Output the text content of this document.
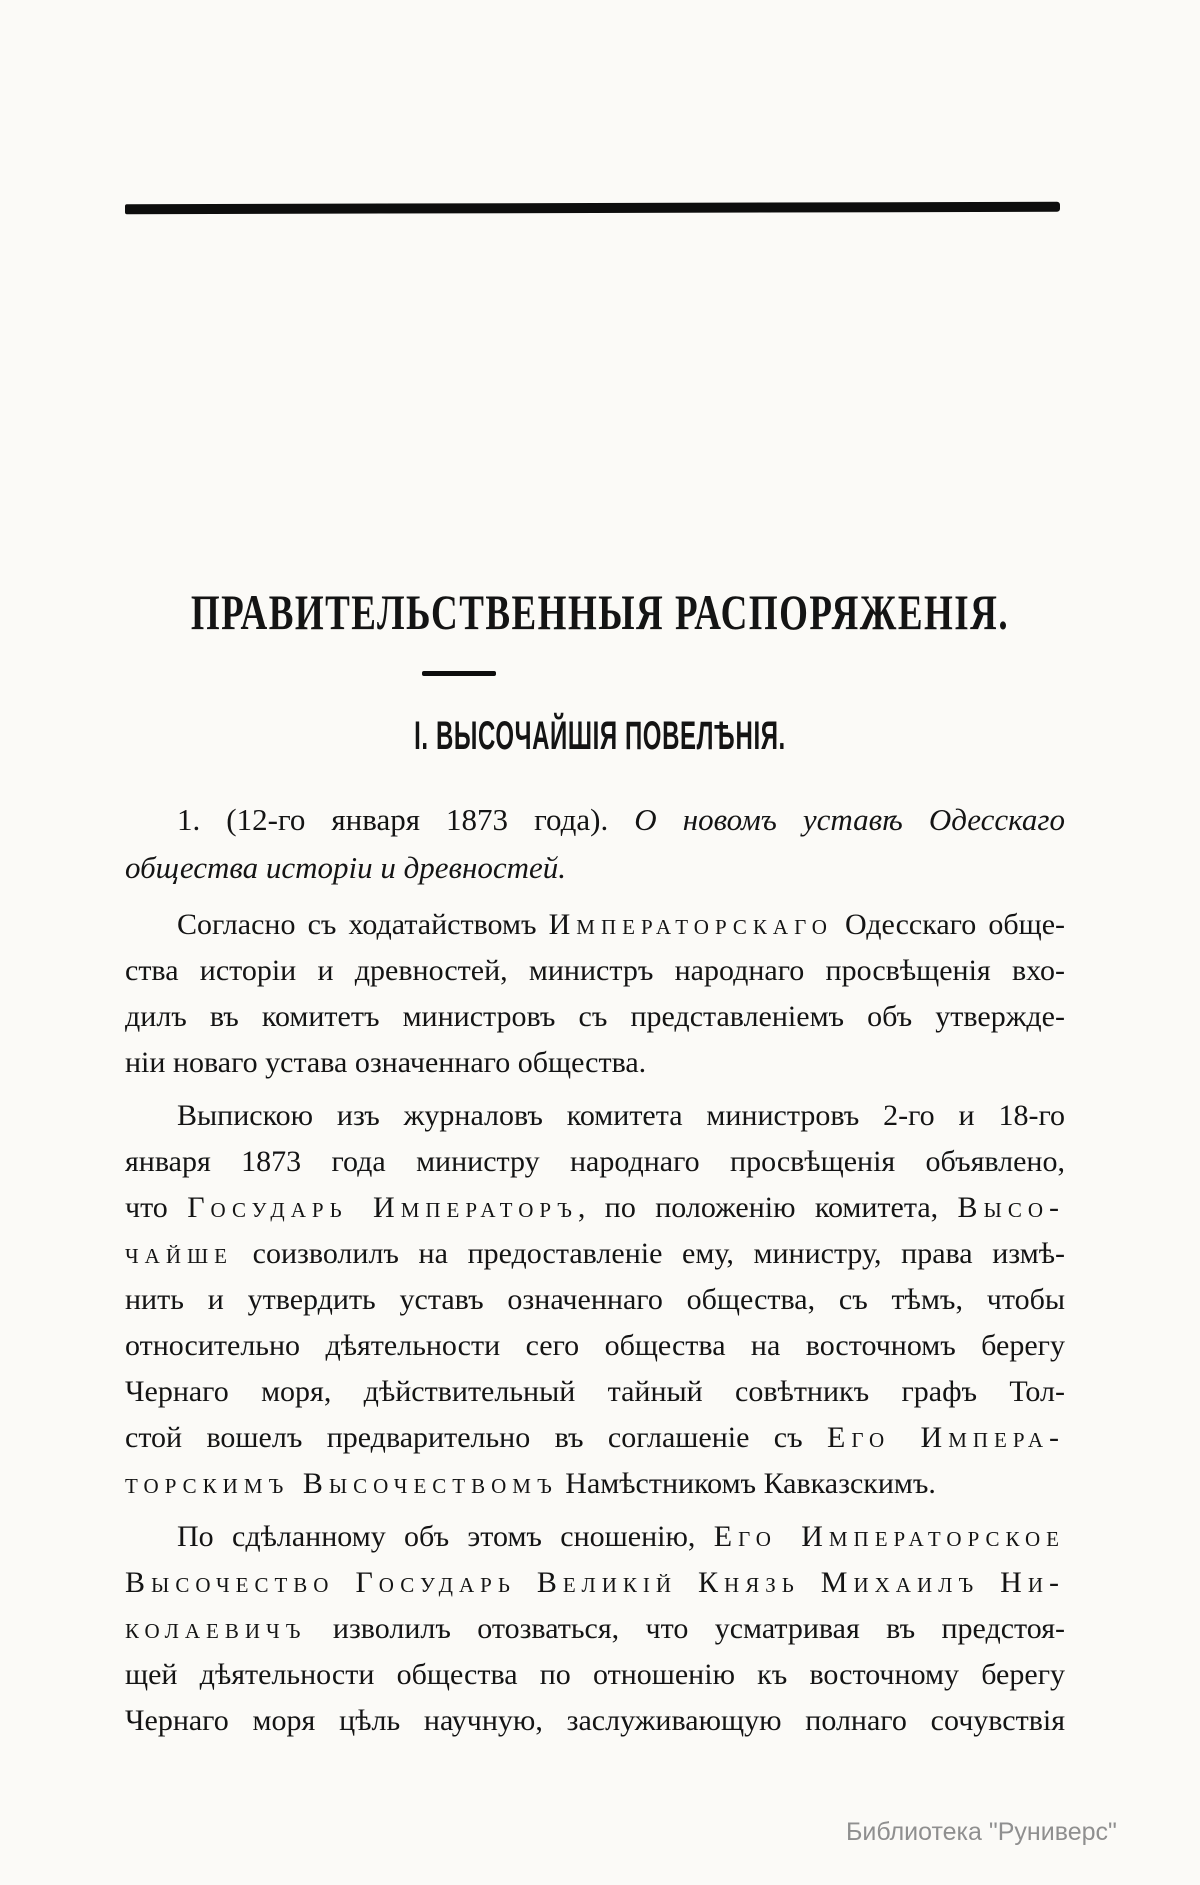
ПРАВИТЕЛЬСТВЕННЫЯ РАСПОРЯЖЕНІЯ.
І. ВЫСОЧАЙШІЯ ПОВЕЛѢНІЯ.
1. (12-го января 1873 года). О новомъ уставѣ Одесскаго
общества исторіи и древностей.
Согласно съ ходатайствомъ Императорскаго Одесскаго обще-
ства исторіи и древностей, министръ народнаго просвѣщенія вхо-
дилъ въ комитетъ министровъ съ представленіемъ объ утвержде-
ніи новаго устава означеннаго общества.
Выпискою изъ журналовъ комитета министровъ 2-го и 18-го
января 1873 года министру народнаго просвѣщенія объявлено,
что Государь Императоръ, по положенію комитета, Высо-
чайше соизволилъ на предоставленіе ему, министру, права измѣ-
нить и утвердить уставъ означеннаго общества, съ тѣмъ, чтобы
относительно дѣятельности сего общества на восточномъ берегу
Чернаго моря, дѣйствительный тайный совѣтникъ графъ Тол-
стой вошелъ предварительно въ соглашеніе съ Его Импера-
торскимъ Высочествомъ Намѣстникомъ Кавказскимъ.
По сдѣланному объ этомъ сношенію, Его Императорское
Высочество Государь Великій Князь Михаилъ Ни-
колаевичъ изволилъ отозваться, что усматривая въ предстоя-
щей дѣятельности общества по отношенію къ восточному берегу
Чернаго моря цѣль научную, заслуживающую полнаго сочувствія
Библиотека "Руниверс"
